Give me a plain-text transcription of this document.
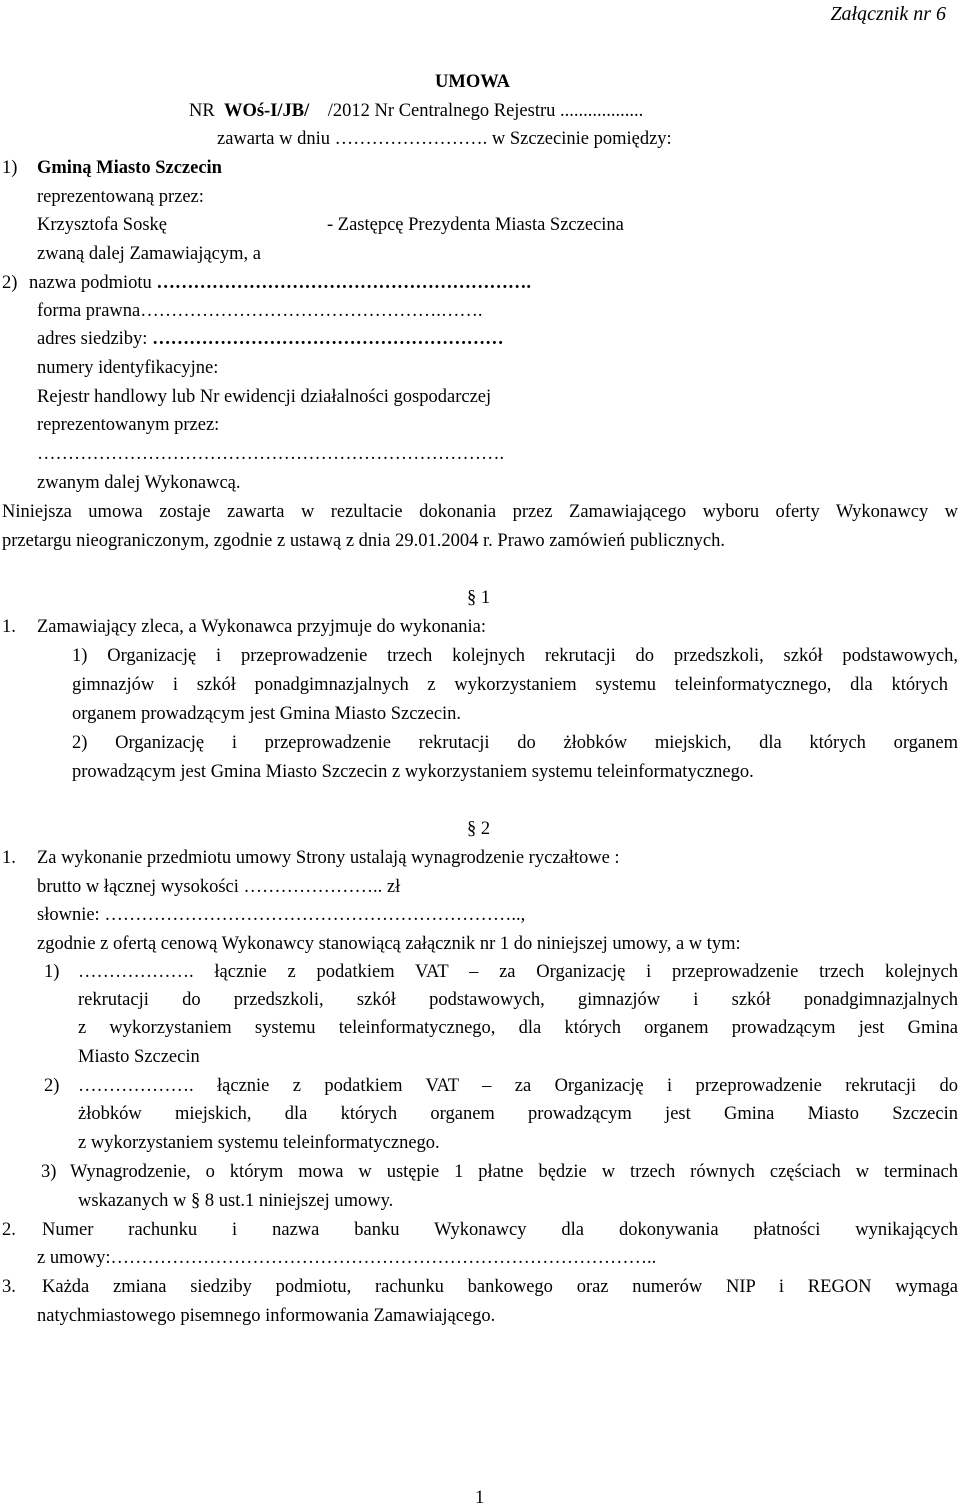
Załącznik nr 6
UMOWA
NR WOś-I/JB/ /2012 Nr Centralnego Rejestru ..................
zawarta w dniu ……………………. w Szczecinie pomiędzy:
1) Gminą Miasto Szczecin
reprezentowaną przez:
Krzysztofa Soskę	- Zastępcę Prezydenta Miasta Szczecina
zwaną dalej Zamawiającym, a
2) nazwa podmiotu …………………………………………………….
forma prawna………………………………………….…….
adres siedziby: …………………………………………………
numery identyfikacyjne:
Rejestr handlowy lub Nr ewidencji działalności gospodarczej
reprezentowanym przez:
………………………………………………………………….
zwanym dalej Wykonawcą.
Niniejsza umowa zostaje zawarta w rezultacie dokonania przez Zamawiającego wyboru oferty Wykonawcy w
przetargu nieograniczonym, zgodnie z ustawą z dnia 29.01.2004 r. Prawo zamówień publicznych.
§ 1
1. Zamawiający zleca, a Wykonawca przyjmuje do wykonania:
1) Organizację i przeprowadzenie trzech kolejnych rekrutacji do przedszkoli, szkół podstawowych,
gimnazjów i szkół ponadgimnazjalnych z wykorzystaniem systemu teleinformatycznego, dla których
organem prowadzącym jest Gmina Miasto Szczecin.
2) Organizację i przeprowadzenie rekrutacji do żłobków miejskich, dla których organem
prowadzącym jest Gmina Miasto Szczecin z wykorzystaniem systemu teleinformatycznego.
§ 2
1. Za wykonanie przedmiotu umowy Strony ustalają wynagrodzenie ryczałtowe :
brutto w łącznej wysokości ………………….. zł
słownie: …………………………………………………………..,
zgodnie z ofertą cenową Wykonawcy stanowiącą załącznik nr 1 do niniejszej umowy, a w tym:
1) ………………. łącznie z podatkiem VAT – za Organizację i przeprowadzenie trzech kolejnych
rekrutacji do przedszkoli, szkół podstawowych, gimnazjów i szkół ponadgimnazjalnych
z wykorzystaniem systemu teleinformatycznego, dla których organem prowadzącym jest Gmina
Miasto Szczecin
2) ………………. łącznie z podatkiem VAT – za Organizację i przeprowadzenie rekrutacji do
żłobków miejskich, dla których organem prowadzącym jest Gmina Miasto Szczecin
z wykorzystaniem systemu teleinformatycznego.
3) Wynagrodzenie, o którym mowa w ustępie 1 płatne będzie w trzech równych częściach w terminach
wskazanych w § 8 ust.1 niniejszej umowy.
2. Numer rachunku i nazwa banku Wykonawcy dla dokonywania płatności wynikających
z umowy:……………………………………………………………………………..
3. Każda zmiana siedziby podmiotu, rachunku bankowego oraz numerów NIP i REGON wymaga
natychmiastowego pisemnego informowania Zamawiającego.
1
